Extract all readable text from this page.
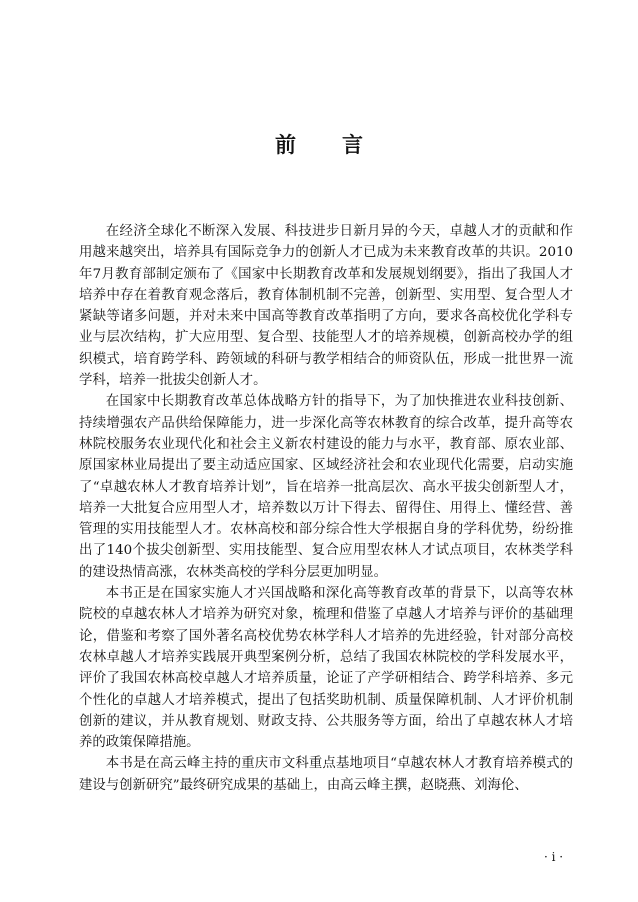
前 言

在经济全球化不断深入发展、科技进步日新月异的今天，卓越人才的贡献和作用越来越突出，培养具有国际竞争力的创新人才已成为未来教育改革的共识。2010年7月教育部制定颁布了《国家中长期教育改革和发展规划纲要》，指出了我国人才培养中存在着教育观念落后，教育体制机制不完善，创新型、实用型、复合型人才紧缺等诸多问题，并对未来中国高等教育改革指明了方向，要求各高校优化学科专业与层次结构，扩大应用型、复合型、技能型人才的培养规模，创新高校办学的组织模式，培育跨学科、跨领域的科研与教学相结合的师资队伍，形成一批世界一流学科，培养一批拔尖创新人才。

在国家中长期教育改革总体战略方针的指导下，为了加快推进农业科技创新、持续增强农产品供给保障能力，进一步深化高等农林教育的综合改革，提升高等农林院校服务农业现代化和社会主义新农村建设的能力与水平，教育部、原农业部、原国家林业局提出了要主动适应国家、区域经济社会和农业现代化需要，启动实施了“卓越农林人才教育培养计划”，旨在培养一批高层次、高水平拔尖创新型人才，培养一大批复合应用型人才，培养数以万计下得去、留得住、用得上、懂经营、善管理的实用技能型人才。农林高校和部分综合性大学根据自身的学科优势，纷纷推出了140个拔尖创新型、实用技能型、复合应用型农林人才试点项目，农林类学科的建设热情高涨，农林类高校的学科分层更加明显。

本书正是在国家实施人才兴国战略和深化高等教育改革的背景下，以高等农林院校的卓越农林人才培养为研究对象，梳理和借鉴了卓越人才培养与评价的基础理论，借鉴和考察了国外著名高校优势农林学科人才培养的先进经验，针对部分高校农林卓越人才培养实践展开典型案例分析，总结了我国农林院校的学科发展水平，评价了我国农林高校卓越人才培养质量，论证了产学研相结合、跨学科培养、多元个性化的卓越人才培养模式，提出了包括奖助机制、质量保障机制、人才评价机制创新的建议，并从教育规划、财政支持、公共服务等方面，给出了卓越农林人才培养的政策保障措施。

本书是在高云峰主持的重庆市文科重点基地项目“卓越农林人才教育培养模式的建设与创新研究”最终研究成果的基础上，由高云峰主撰，赵晓燕、刘海伦、

· i ·
